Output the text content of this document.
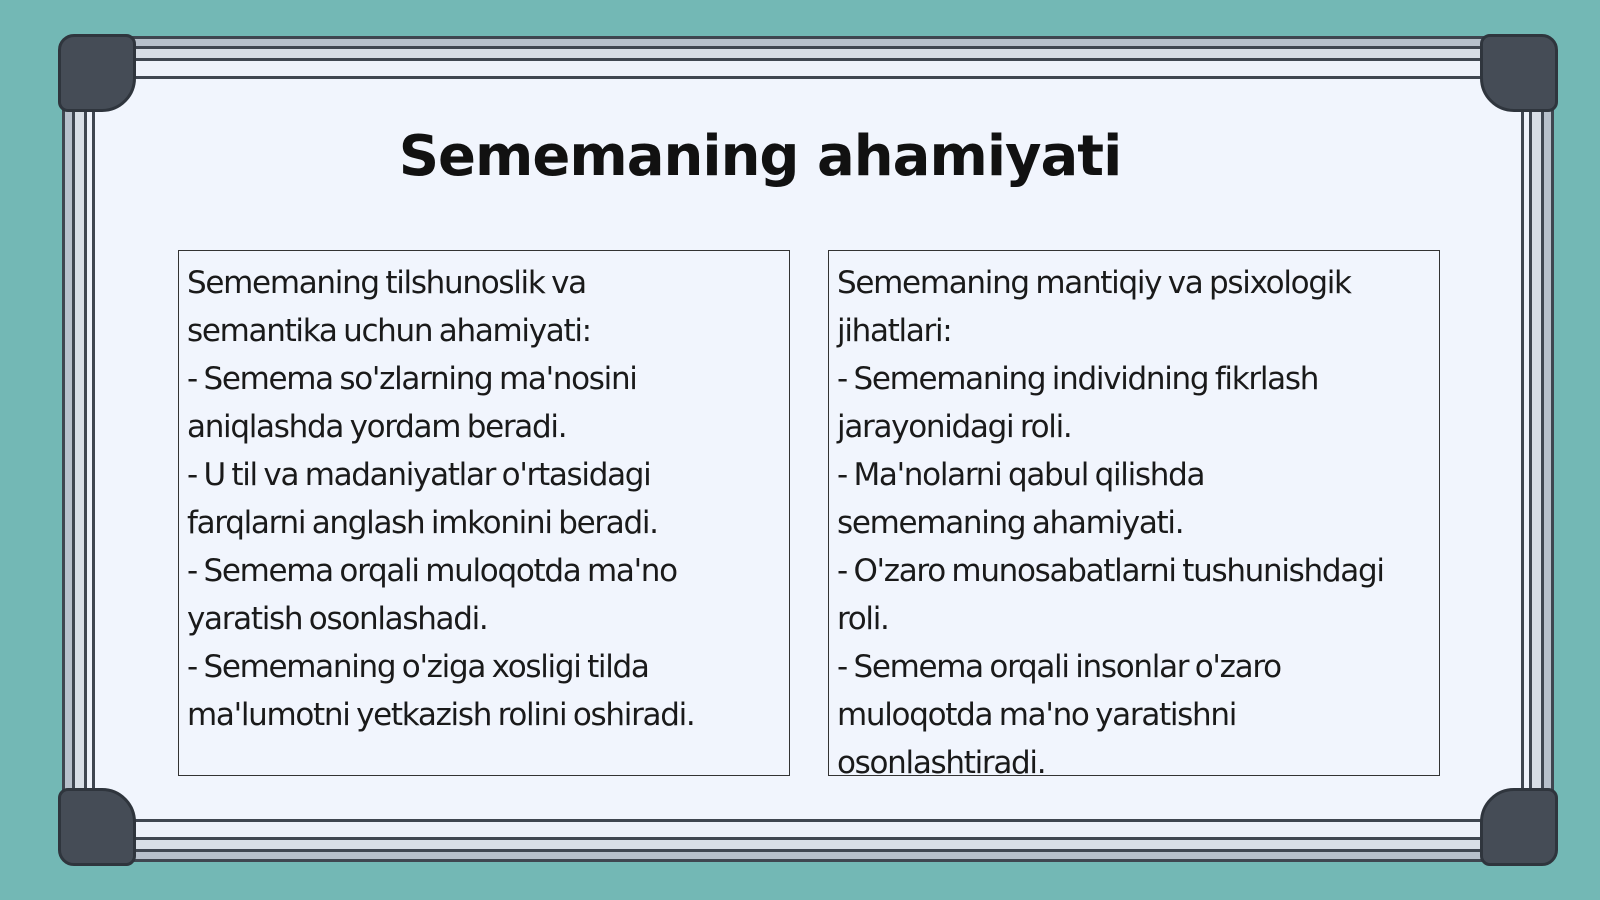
Sememaning ahamiyati

Sememaning tilshunoslik va

semantika uchun ahamiyati:

- Semema so'zlarning ma'nosini

aniqlashda yordam beradi.

- U til va madaniyatlar o'rtasidagi

farqlarni anglash imkonini beradi.

- Semema orqali muloqotda ma'no

yaratish osonlashadi.

- Sememaning o'ziga xosligi tilda

ma'lumotni yetkazish rolini oshiradi.

Sememaning mantiqiy va psixologik

jihatlari:

- Sememaning individning fikrlash

jarayonidagi roli.

- Ma'nolarni qabul qilishda

sememaning ahamiyati.

- O'zaro munosabatlarni tushunishdagi

roli.

- Semema orqali insonlar o'zaro

muloqotda ma'no yaratishni

osonlashtiradi.
